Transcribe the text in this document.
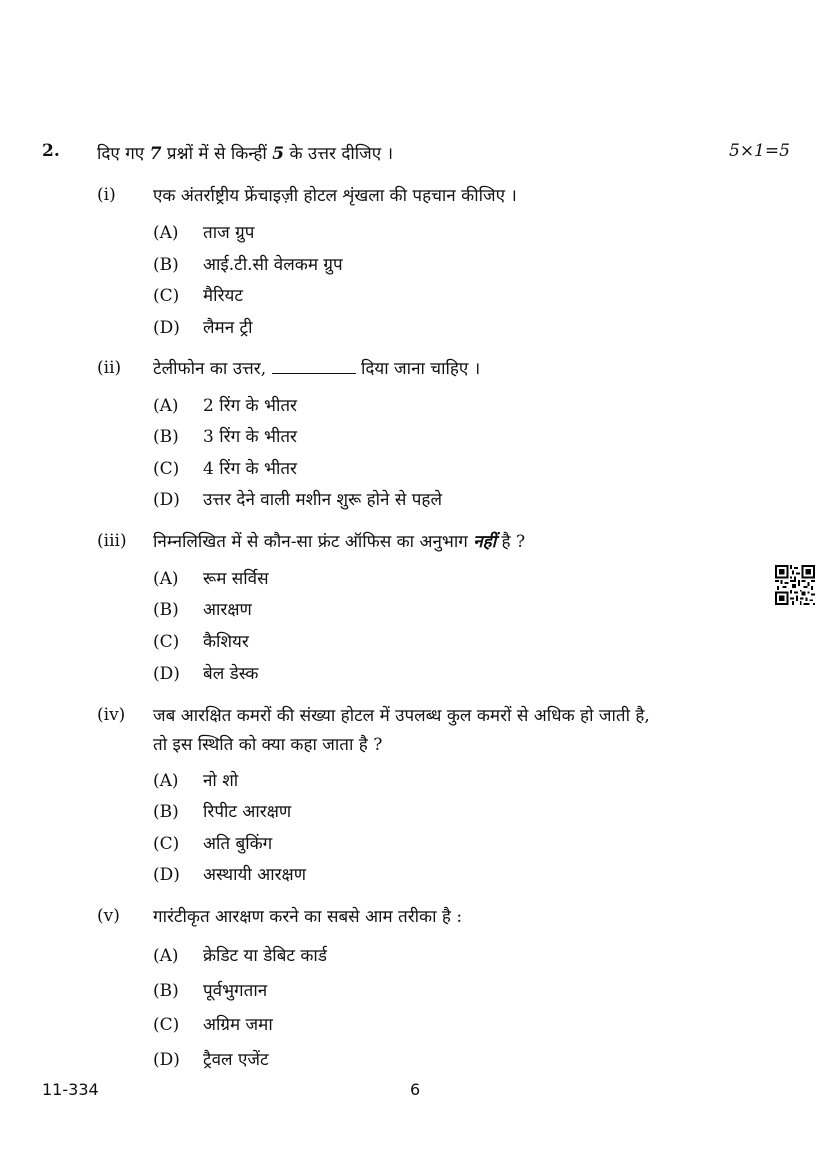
2. दिए गए 7 प्रश्नों में से किन्हीं 5 के उत्तर दीजिए ।	5×1=5
(i) एक अंतर्राष्ट्रीय फ्रेंचाइज़ी होटल शृंखला की पहचान कीजिए ।
(A) ताज ग्रुप
(B) आई.टी.सी वेलकम ग्रुप
(C) मैरियट
(D) लैमन ट्री
(ii) टेलीफोन का उत्तर,	दिया जाना चाहिए ।
(A) 2 रिंग के भीतर
(B) 3 रिंग के भीतर
(C) 4 रिंग के भीतर
(D) उत्तर देने वाली मशीन शुरू होने से पहले
(iii) निम्नलिखित में से कौन-सा फ्रंट ऑफिस का अनुभाग नहीं है ?
(A) रूम सर्विस
(B) आरक्षण
(C) कैशियर
(D) बेल डेस्क
(iv) जब आरक्षित कमरों की संख्या होटल में उपलब्ध कुल कमरों से अधिक हो जाती है,
तो इस स्थिति को क्या कहा जाता है ?
(A) नो शो
(B) रिपीट आरक्षण
(C) अति बुकिंग
(D) अस्थायी आरक्षण
(v) गारंटीकृत आरक्षण करने का सबसे आम तरीका है :
(A) क्रेडिट या डेबिट कार्ड
(B) पूर्वभुगतान
(C) अग्रिम जमा
(D) ट्रैवल एजेंट
11-334	6
